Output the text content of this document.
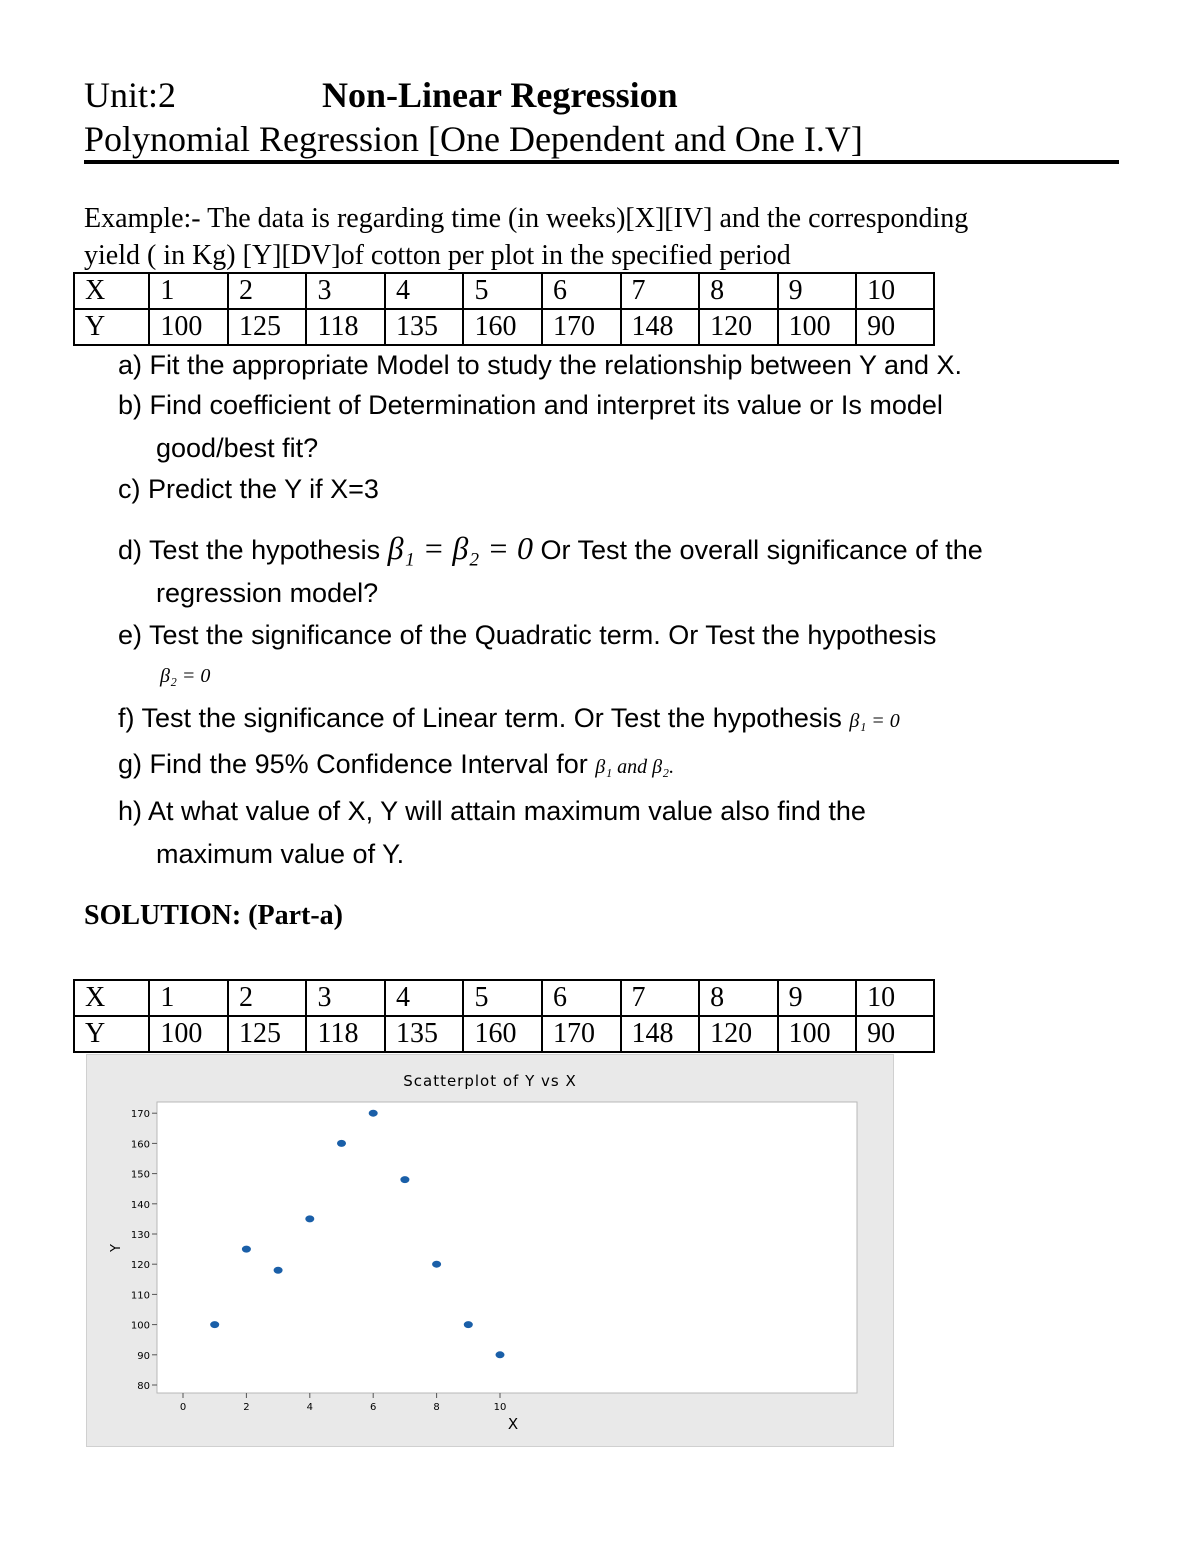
Unit:2	Non-Linear Regression
Polynomial Regression [One Dependent and One I.V]
Example:- The data is regarding time (in weeks)[X][IV] and the corresponding
yield ( in Kg) [Y][DV]of cotton per plot in the specified period
X	1	2	3	4	5	6	7	8	9	10
Y	100	125	118	135	160	170	148	120	100	90
a) Fit the appropriate Model to study the relationship between Y and X.
b) Find coefficient of Determination and interpret its value or Is model
good/best fit?
c) Predict the Y if X=3
d) Test the hypothesis β₁ = β₂ = 0 Or Test the overall significance of the
regression model?
e) Test the significance of the Quadratic term. Or Test the hypothesis
β₂ = 0
f) Test the significance of Linear term. Or Test the hypothesis β₁ = 0
g) Find the 95% Confidence Interval for β₁ and β₂.
h) At what value of X, Y will attain maximum value also find the
maximum value of Y.
SOLUTION: (Part-a)
X	1	2	3	4	5	6	7	8	9	10
Y	100	125	118	135	160	170	148	120	100	90
Scatterplot of Y vs X
80
90
100
110
120
130
140
150
160
170
0	2	4	6	8	10
X
Y
